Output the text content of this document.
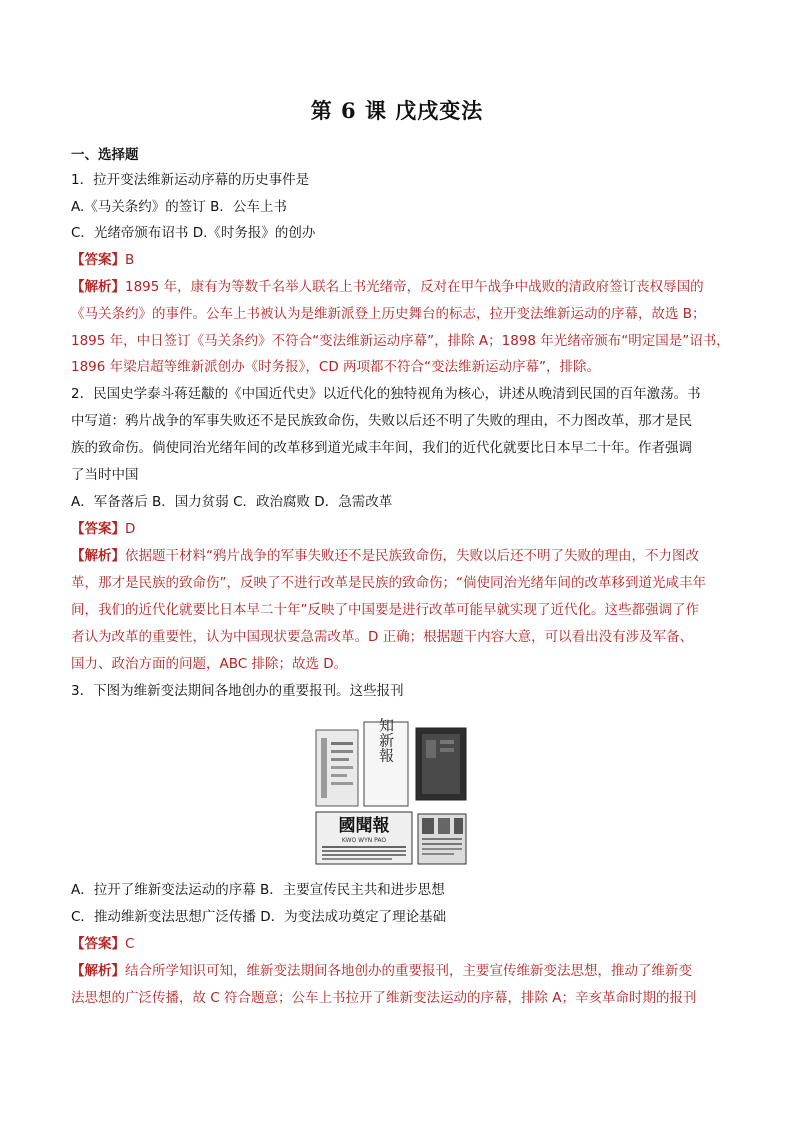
第 6 课 戊戌变法
一、选择题
1．拉开变法维新运动序幕的历史事件是
A.《马关条约》的签订 B．公车上书
C．光绪帝颁布诏书 D.《时务报》的创办
【答案】B
【解析】1895 年，康有为等数千名举人联名上书光绪帝，反对在甲午战争中战败的清政府签订丧权辱国的
《马关条约》的事件。公车上书被认为是维新派登上历史舞台的标志，拉开变法维新运动的序幕，故选 B；
1895 年，中日签订《马关条约》不符合“变法维新运动序幕”，排除 A；1898 年光绪帝颁布“明定国是”诏书，
1896 年梁启超等维新派创办《时务报》，CD 两项都不符合“变法维新运动序幕”，排除。
2．民国史学泰斗蒋廷黻的《中国近代史》以近代化的独特视角为核心，讲述从晚清到民国的百年激荡。书
中写道：鸦片战争的军事失败还不是民族致命伤，失败以后还不明了失败的理由，不力图改革，那才是民
族的致命伤。倘使同治光绪年间的改革移到道光咸丰年间，我们的近代化就要比日本早二十年。作者强调
了当时中国
A．军备落后 B．国力贫弱 C．政治腐败 D．急需改革
【答案】D
【解析】依据题干材料“鸦片战争的军事失败还不是民族致命伤，失败以后还不明了失败的理由，不力图改
革，那才是民族的致命伤”，反映了不进行改革是民族的致命伤；“倘使同治光绪年间的改革移到道光咸丰年
间，我们的近代化就要比日本早二十年”反映了中国要是进行改革可能早就实现了近代化。这些都强调了作
者认为改革的重要性，认为中国现状要急需改革。D 正确；根据题干内容大意，可以看出没有涉及军备、
国力、政治方面的问题，ABC 排除；故选 D。
3．下图为维新变法期间各地创办的重要报刊。这些报刊
知新報
國聞報
KWO WYN PAO
A．拉开了维新变法运动的序幕 B．主要宣传民主共和进步思想
C．推动维新变法思想广泛传播 D．为变法成功奠定了理论基础
【答案】C
【解析】结合所学知识可知，维新变法期间各地创办的重要报刊，主要宣传维新变法思想，推动了维新变
法思想的广泛传播，故 C 符合题意；公车上书拉开了维新变法运动的序幕，排除 A；辛亥革命时期的报刊
